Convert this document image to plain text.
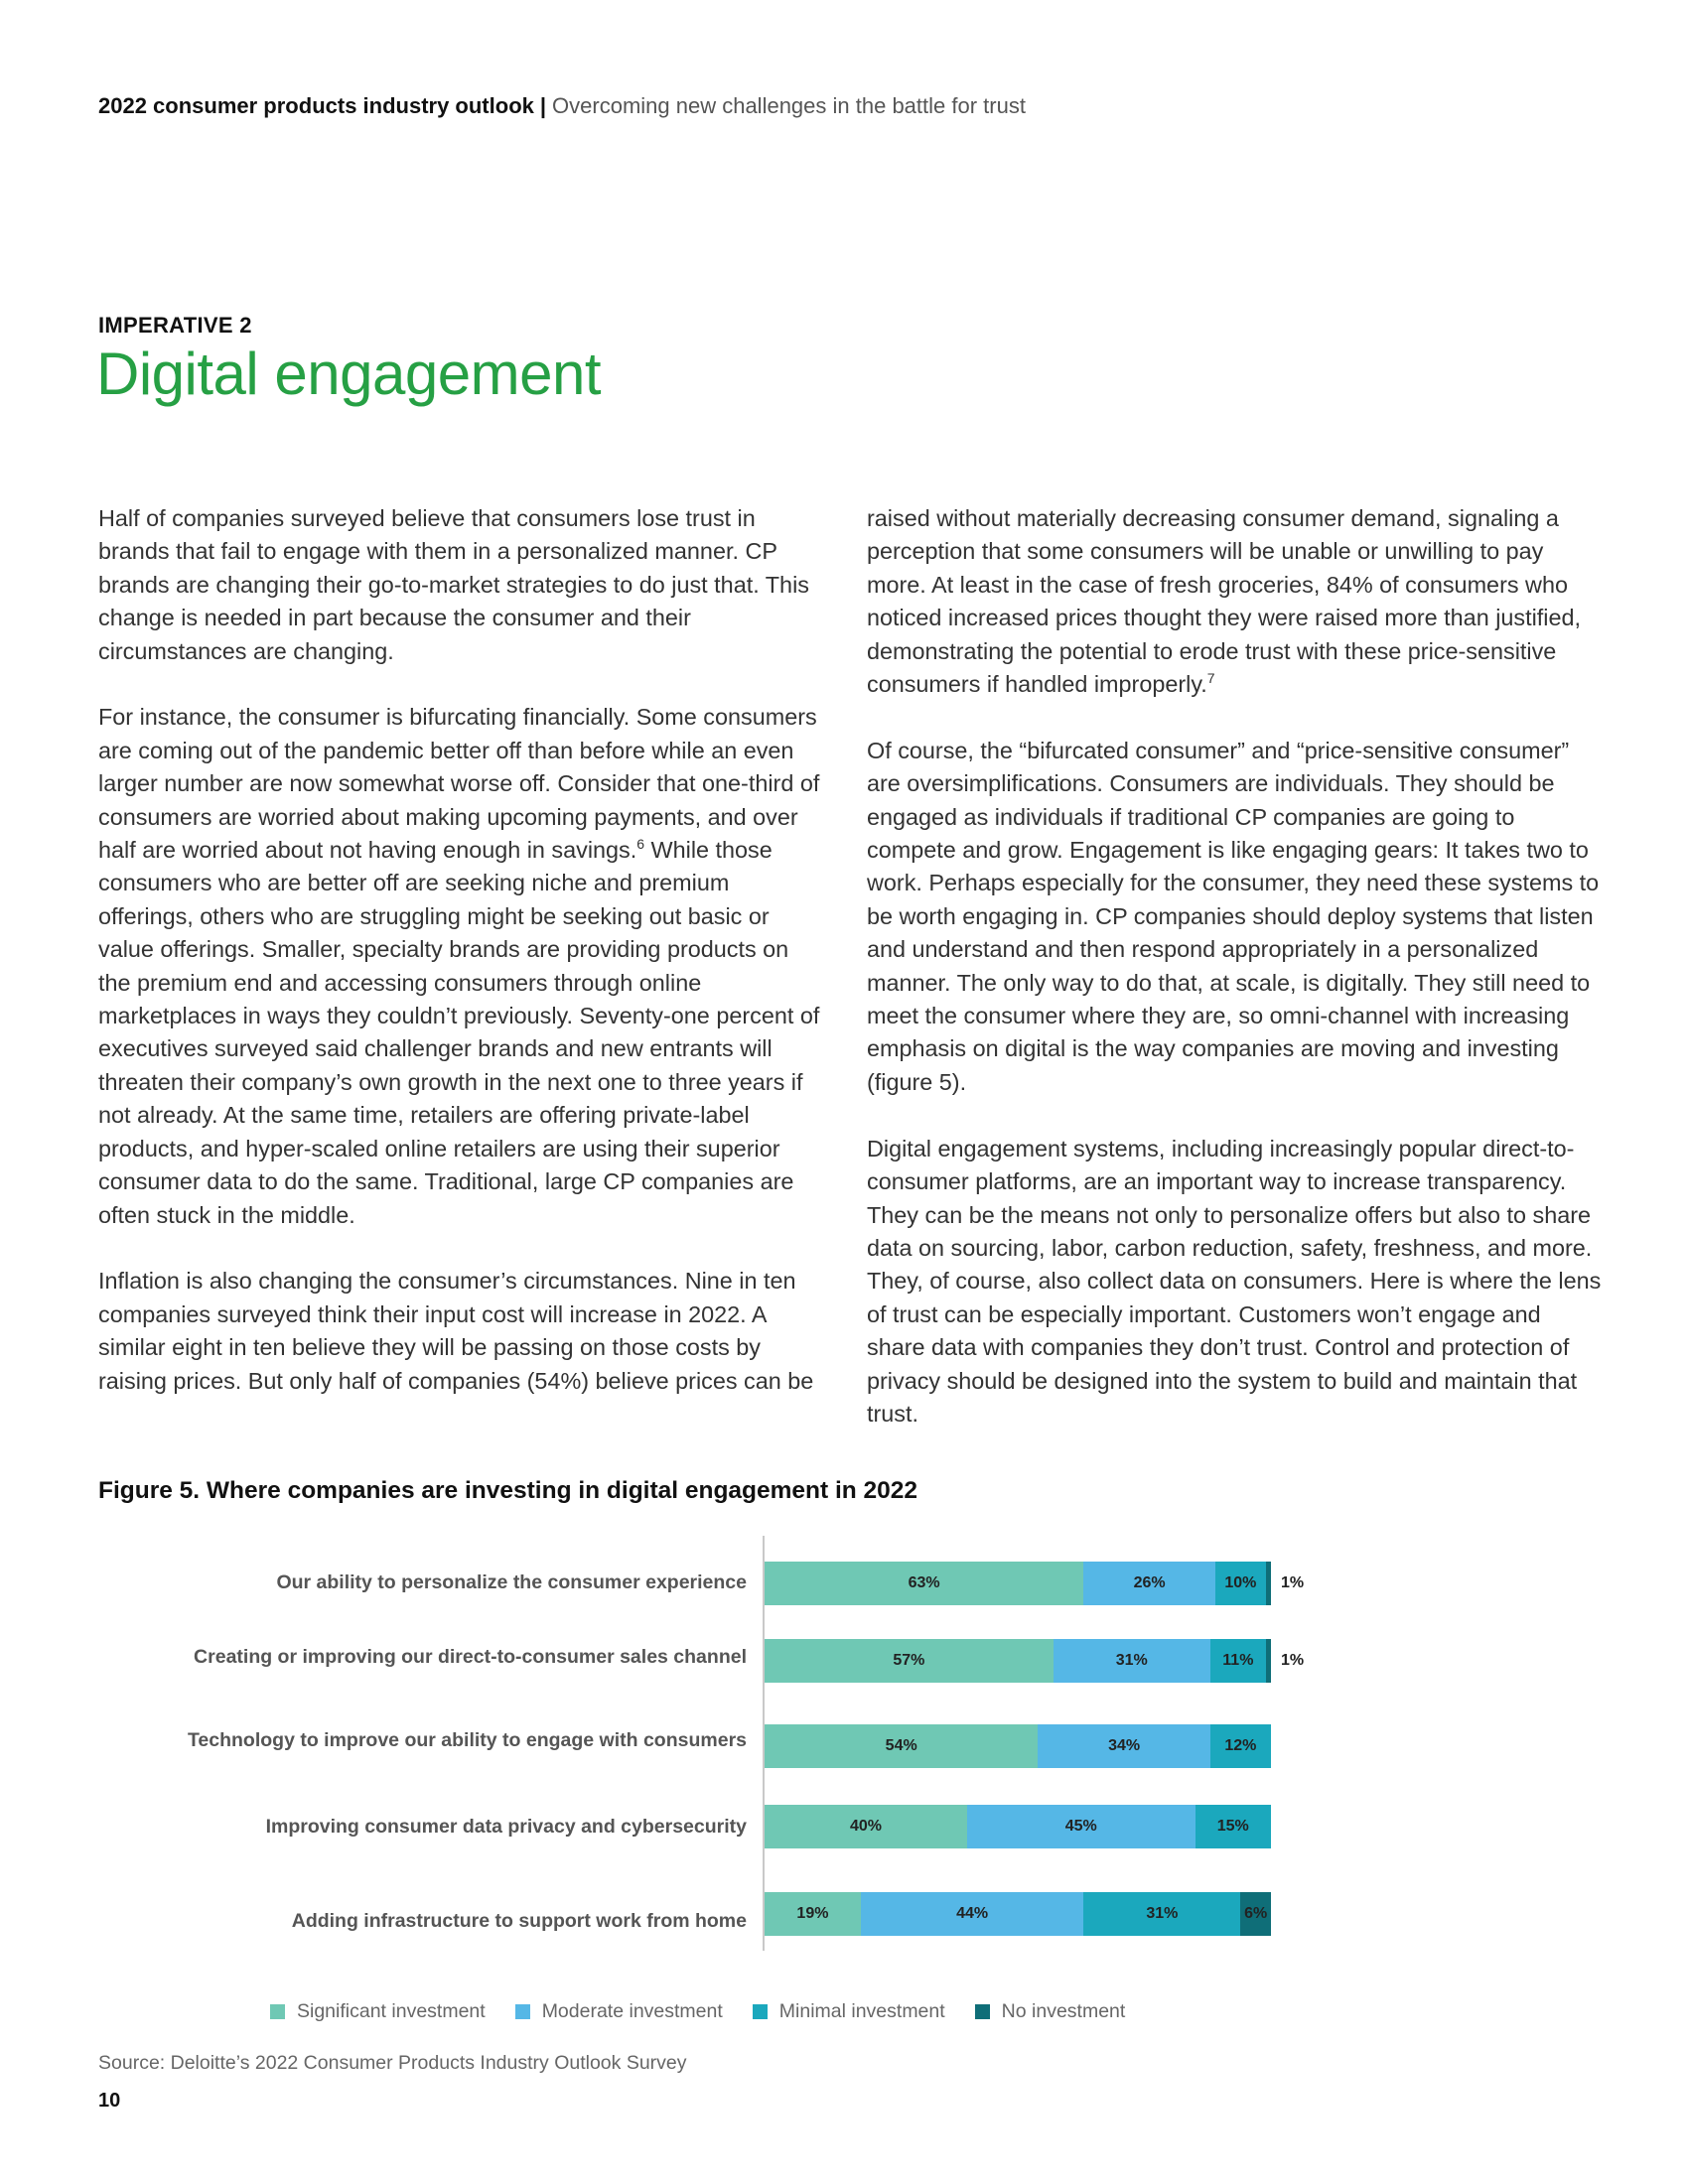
2022 consumer products industry outlook | Overcoming new challenges in the battle for trust
IMPERATIVE 2
Digital engagement

Half of companies surveyed believe that consumers lose trust in brands that fail to engage with them in a personalized manner. CP brands are changing their go-to-market strategies to do just that. This change is needed in part because the consumer and their circumstances are changing.

For instance, the consumer is bifurcating financially. Some consumers are coming out of the pandemic better off than before while an even larger number are now somewhat worse off. Consider that one-third of consumers are worried about making upcoming payments, and over half are worried about not having enough in savings.$^6$ While those consumers who are better off are seeking niche and premium offerings, others who are struggling might be seeking out basic or value offerings. Smaller, specialty brands are providing products on the premium end and accessing consumers through online marketplaces in ways they couldn’t previously. Seventy-one percent of executives surveyed said challenger brands and new entrants will threaten their company’s own growth in the next one to three years if not already. At the same time, retailers are offering private-label products, and hyper-scaled online retailers are using their superior consumer data to do the same. Traditional, large CP companies are often stuck in the middle.

Inflation is also changing the consumer’s circumstances. Nine in ten companies surveyed think their input cost will increase in 2022. A similar eight in ten believe they will be passing on those costs by raising prices. But only half of companies (54%) believe prices can be

raised without materially decreasing consumer demand, signaling a perception that some consumers will be unable or unwilling to pay more. At least in the case of fresh groceries, 84% of consumers who noticed increased prices thought they were raised more than justified, demonstrating the potential to erode trust with these price-sensitive consumers if handled improperly.$^7$

Of course, the “bifurcated consumer” and “price-sensitive consumer” are oversimplifications. Consumers are individuals. They should be engaged as individuals if traditional CP companies are going to compete and grow. Engagement is like engaging gears: It takes two to work. Perhaps especially for the consumer, they need these systems to be worth engaging in. CP companies should deploy systems that listen and understand and then respond appropriately in a personalized manner. The only way to do that, at scale, is digitally. They still need to meet the consumer where they are, so omni-channel with increasing emphasis on digital is the way companies are moving and investing (figure 5).

Digital engagement systems, including increasingly popular direct-to-consumer platforms, are an important way to increase transparency. They can be the means not only to personalize offers but also to share data on sourcing, labor, carbon reduction, safety, freshness, and more. They, of course, also collect data on consumers. Here is where the lens of trust can be especially important. Customers won’t engage and share data with companies they don’t trust. Control and protection of privacy should be designed into the system to build and maintain that trust.

Figure 5. Where companies are investing in digital engagement in 2022
Our ability to personalize the consumer experience	63%	26%	10% 1%
Creating or improving our direct-to-consumer sales channel	57%	31%	11% 1%
Technology to improve our ability to engage with consumers	54%	34%	12%
Improving consumer data privacy and cybersecurity	40%	45%	15%
Adding infrastructure to support work from home	19%	44%	31%	6%
Significant investment	Moderate investment	Minimal investment	No investment
Source: Deloitte’s 2022 Consumer Products Industry Outlook Survey
10
